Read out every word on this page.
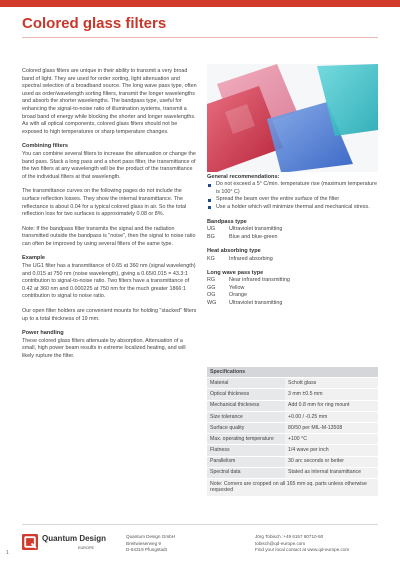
Colored glass filters

Colored glass filters are unique in their ability to transmit a very broad band of light. They are used for order sorting, light attenuation and spectral selection of a broadband source. The long wave pass type, often used as order/wavelength sorting filters, transmit the longer wavelengths and absorb the shorter wavelengths. The bandpass type, useful for enhancing the signal-to-noise ratio of illumination systems, transmit a broad band of energy while blocking the shorter and longer wavelengths. As with all optical components, colored glass filters should not be exposed to high temperatures or sharp temperature changes.

Combining filters

You can combine several filters to increase the attenuation or change the band pass. Stack a long pass and a short pass filter, the transmittance of the two filters at any wavelength will be the product of the transmittance of the individual filters at that wavelength.

The transmittance curves on the following pages do not include the surface reflection losses. They show the internal transmittance. The reflectance is about 0.04 for a typical colored glass in air. So the total reflection loss for two surfaces is approximately 0.08 or 8%.

Note: If the bandpass filter transmits the signal and the radiation transmitted outside the bandpass is "noise", then the signal to noise ratio can often be improved by using several filters of the same type.

Example

The UG1 filter has a transmittance of 0.65 at 360 nm (signal wavelength) and 0.015 at 750 nm (noise wavelength), giving a 0.65/0.015 = 43.3:1 contribution to signal-to-noise ratio. Two filters have a transmittance of 0.42 at 360 nm and 0.000225 at 750 nm for the much greater 1866:1 contribution to signal to noise ratio.

Our open filter holders are convenient mounts for holding "stacked" filters up to a total thickness of 19 mm.

Power handling

These colored glass filters attenuate by absorption. Attenuation of a small, high power beam results in extreme localized heating, and will likely rupture the filter.

General recommendations:
Do not exceed a 5° C/min. temperature rise (maximum temperature is 100° C)
Spread the beam over the entire surface of the filter
Use a holder which will minimize thermal and mechanical stress.
Bandpass type
UG	Ultraviolet transmitting
BG	Blue and blue-green
Heat absorbing type
KG	Infrared absorbing
Long wave pass type
RG	Near infrared transmitting
GG	Yellow
OG	Orange
WG	Ultraviolet transmitting
Specifications	
Material	Schott glass
Optical thickness	3 mm ±0.5 mm
Mechanical thickness	Add 0.8 mm for ring mount
Size tolerance	+0.00 / -0.25 mm
Surface quality	80/50 per MIL-M-13508
Max. operating temperature	+100 °C
Flatness	1/4 wave per inch
Parallelism	30 arc seconds or better
Spectral data	Stated as internal transmittance
Note: Corners are cropped on all 165 mm sq. parts unless otherwise requested	
1
Quantum Design
EUROPE
Quantum Design GmbH
Breitwieserweg 9
D-64319 Pfungstadt
Jörg Tobisch :+49 6157 80710-50
tobisch@qd-europe.com
Find your local contact at www.qd-europe.com
